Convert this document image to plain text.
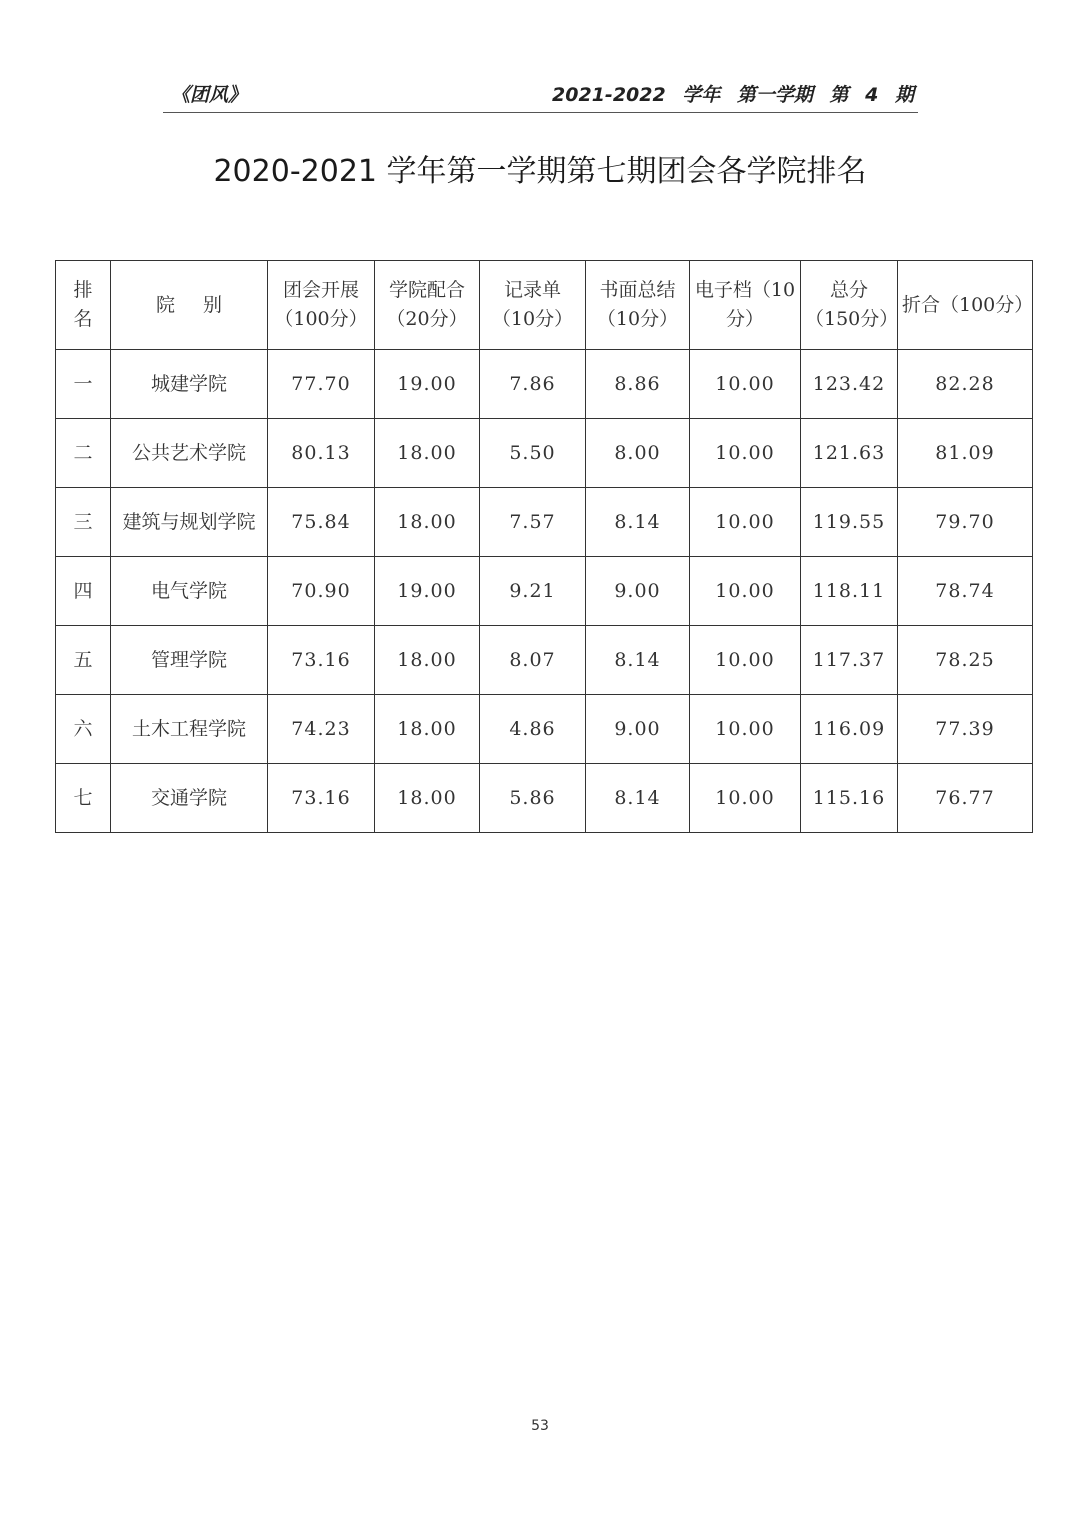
《团风》	2021-2022 学年 第一学期 第 4 期
2020-2021 学年第一学期第七期团会各学院排名
排 名	院 别	团会开展（100分）	学院配合（20分）	记录单（10分）	书面总结（10分）	电子档（10分）	总分（150分）	折合（100分）
一	城建学院	77.70	19.00	7.86	8.86	10.00	123.42	82.28
二	公共艺术学院	80.13	18.00	5.50	8.00	10.00	121.63	81.09
三	建筑与规划学院	75.84	18.00	7.57	8.14	10.00	119.55	79.70
四	电气学院	70.90	19.00	9.21	9.00	10.00	118.11	78.74
五	管理学院	73.16	18.00	8.07	8.14	10.00	117.37	78.25
六	土木工程学院	74.23	18.00	4.86	9.00	10.00	116.09	77.39
七	交通学院	73.16	18.00	5.86	8.14	10.00	115.16	76.77
53
